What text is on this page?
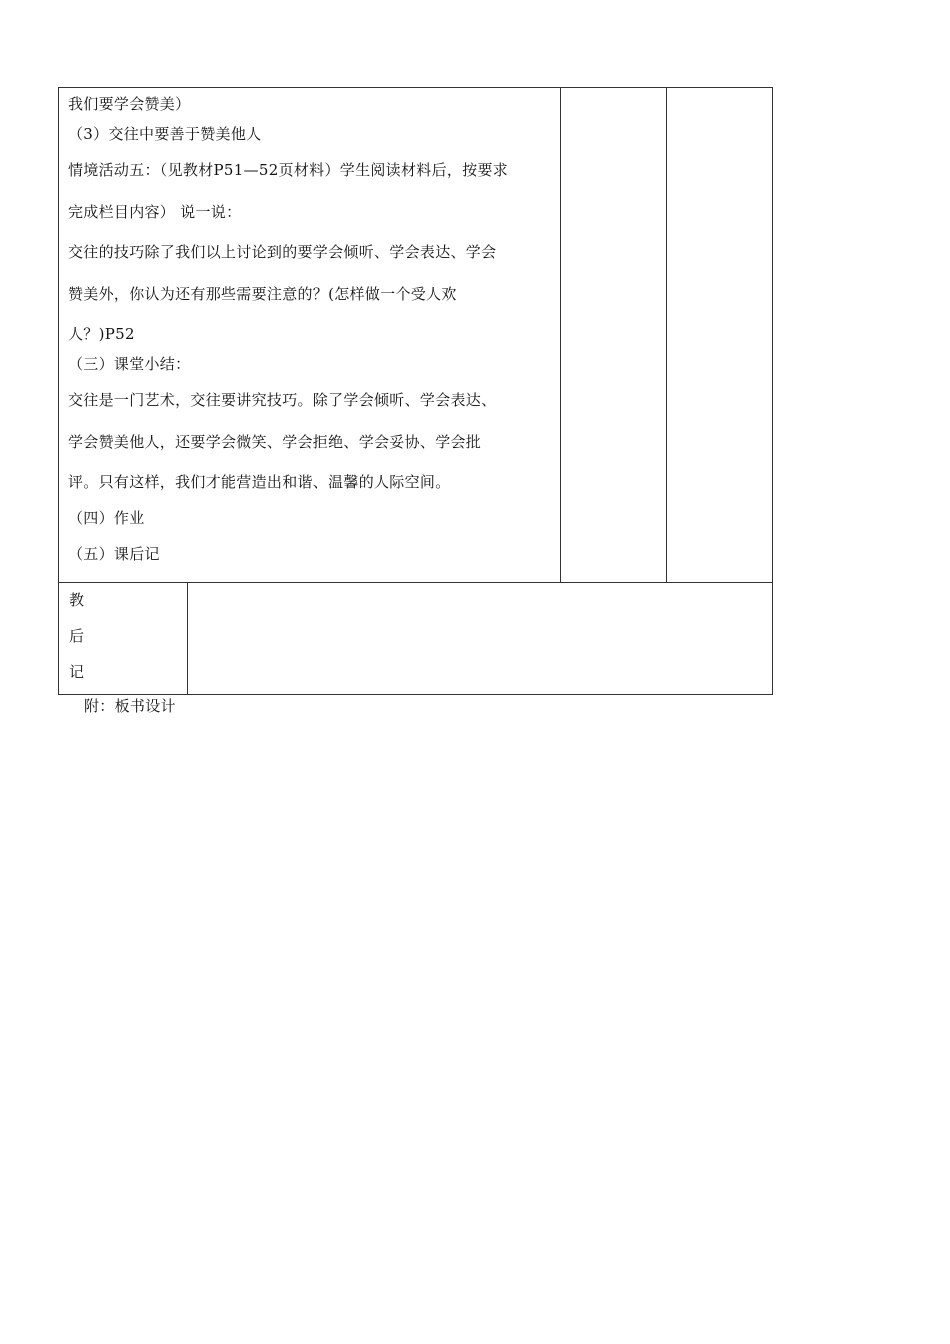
我们要学会赞美）
（3）交往中要善于赞美他人
情境活动五：（见教材P51—52页材料）学生阅读材料后，按要求
完成栏目内容） 说一说：
交往的技巧除了我们以上讨论到的要学会倾听、学会表达、学会
赞美外，你认为还有那些需要注意的？(怎样做一个受人欢
人？)P52
（三）课堂小结：
交往是一门艺术，交往要讲究技巧。除了学会倾听、学会表达、
学会赞美他人，还要学会微笑、学会拒绝、学会妥协、学会批
评。只有这样，我们才能营造出和谐、温馨的人际空间。
（四）作业
（五）课后记

教
后
记

附：板书设计
